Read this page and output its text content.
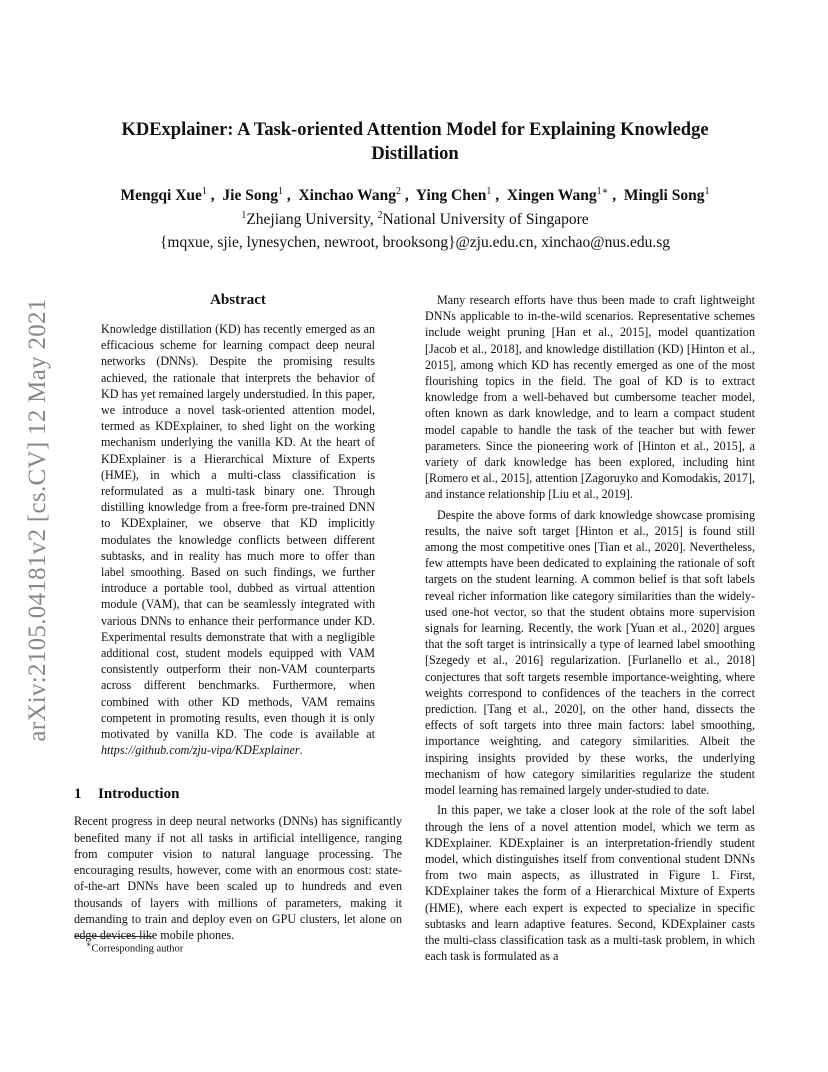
arXiv:2105.04181v2 [cs.CV] 12 May 2021
KDExplainer: A Task-oriented Attention Model for Explaining Knowledge Distillation
Mengqi Xue$^1$ ,  Jie Song$^1$ ,  Xinchao Wang$^2$ ,  Ying Chen$^1$ ,  Xingen Wang$^{1∗}$ ,  Mingli Song$^1$
$^1$Zhejiang University, $^2$National University of Singapore
{mqxue, sjie, lynesychen, newroot, brooksong}@zju.edu.cn, xinchao@nus.edu.sg
Abstract
Knowledge distillation (KD) has recently emerged as an efficacious scheme for learning compact deep neural networks (DNNs). Despite the promising results achieved, the rationale that interprets the behavior of KD has yet remained largely understudied. In this paper, we introduce a novel task-oriented attention model, termed as KDExplainer, to shed light on the working mechanism underlying the vanilla KD. At the heart of KDExplainer is a Hierarchical Mixture of Experts (HME), in which a multi-class classification is reformulated as a multi-task binary one. Through distilling knowledge from a free-form pre-trained DNN to KDExplainer, we observe that KD implicitly modulates the knowledge conflicts between different subtasks, and in reality has much more to offer than label smoothing. Based on such findings, we further introduce a portable tool, dubbed as virtual attention module (VAM), that can be seamlessly integrated with various DNNs to enhance their performance under KD. Experimental results demonstrate that with a negligible additional cost, student models equipped with VAM consistently outperform their non-VAM counterparts across different benchmarks. Furthermore, when combined with other KD methods, VAM remains competent in promoting results, even though it is only motivated by vanilla KD. The code is available at https://github.com/zju-vipa/KDExplainer.
1 Introduction

Recent progress in deep neural networks (DNNs) has significantly benefited many if not all tasks in artificial intelligence, ranging from computer vision to natural language processing. The encouraging results, however, come with an enormous cost: state-of-the-art DNNs have been scaled up to hundreds and even thousands of layers with millions of parameters, making it demanding to train and deploy even on GPU clusters, let alone on edge devices like mobile phones.

∗Corresponding author

Many research efforts have thus been made to craft lightweight DNNs applicable to in-the-wild scenarios. Representative schemes include weight pruning [Han et al., 2015], model quantization [Jacob et al., 2018], and knowledge distillation (KD) [Hinton et al., 2015], among which KD has recently emerged as one of the most flourishing topics in the field. The goal of KD is to extract knowledge from a well-behaved but cumbersome teacher model, often known as dark knowledge, and to learn a compact student model capable to handle the task of the teacher but with fewer parameters. Since the pioneering work of [Hinton et al., 2015], a variety of dark knowledge has been explored, including hint [Romero et al., 2015], attention [Zagoruyko and Komodakis, 2017], and instance relationship [Liu et al., 2019].

Despite the above forms of dark knowledge showcase promising results, the naive soft target [Hinton et al., 2015] is found still among the most competitive ones [Tian et al., 2020]. Nevertheless, few attempts have been dedicated to explaining the rationale of soft targets on the student learning. A common belief is that soft labels reveal richer information like category similarities than the widely-used one-hot vector, so that the student obtains more supervision signals for learning. Recently, the work [Yuan et al., 2020] argues that the soft target is intrinsically a type of learned label smoothing [Szegedy et al., 2016] regularization. [Furlanello et al., 2018] conjectures that soft targets resemble importance-weighting, where weights correspond to confidences of the teachers in the correct prediction. [Tang et al., 2020], on the other hand, dissects the effects of soft targets into three main factors: label smoothing, importance weighting, and category similarities. Albeit the inspiring insights provided by these works, the underlying mechanism of how category similarities regularize the student model learning has remained largely under-studied to date.

In this paper, we take a closer look at the role of the soft label through the lens of a novel attention model, which we term as KDExplainer. KDExplainer is an interpretation-friendly student model, which distinguishes itself from conventional student DNNs from two main aspects, as illustrated in Figure 1. First, KDExplainer takes the form of a Hierarchical Mixture of Experts (HME), where each expert is expected to specialize in specific subtasks and learn adaptive features. Second, KDExplainer casts the multi-class classification task as a multi-task problem, in which each task is formulated as a
